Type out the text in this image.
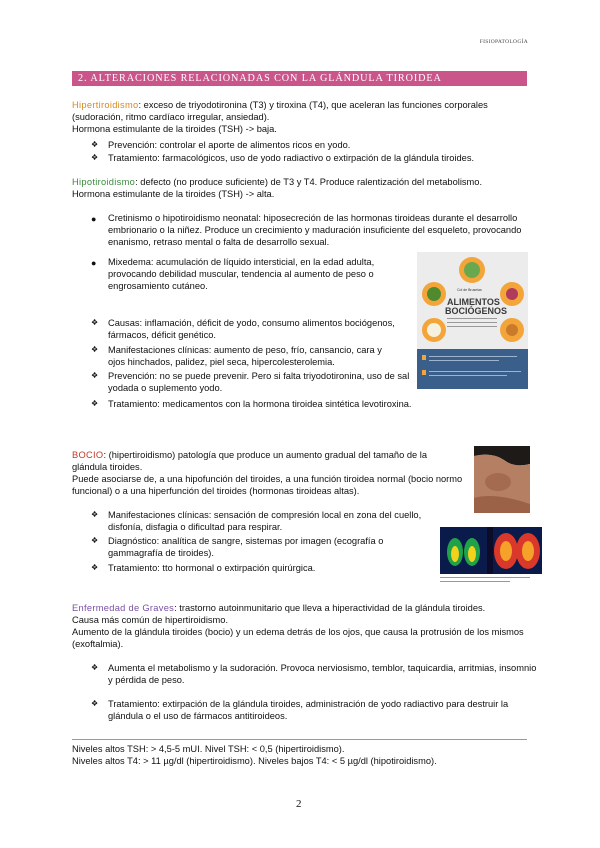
FISIOPATOLOGÍA
2. ALTERACIONES RELACIONADAS CON LA GLÁNDULA TIROIDEA
Hipertiroidismo: exceso de triyodotironina (T3) y tiroxina (T4), que aceleran las funciones corporales
(sudoración, ritmo cardíaco irregular, ansiedad).
Hormona estimulante de la tiroides (TSH) -> baja.
❖ Prevención: controlar el aporte de alimentos ricos en yodo.
❖ Tratamiento: farmacológicos, uso de yodo radiactivo o extirpación de la glándula tiroides.
Hipotiroidismo: defecto (no produce suficiente) de T3 y T4. Produce ralentización del metabolismo.
Hormona estimulante de la tiroides (TSH) -> alta.
● Cretinismo o hipotiroidismo neonatal: hiposecreción de las hormonas tiroideas durante el desarrollo
embrionario o la niñez. Produce un crecimiento y maduración insuficiente del esqueleto, provocando
enanismo, retraso mental o falta de desarrollo sexual.
● Mixedema: acumulación de líquido intersticial, en la edad adulta,
provocando debilidad muscular, tendencia al aumento de peso o
engrosamiento cutáneo.
❖ Causas: inflamación, déficit de yodo, consumo alimentos bociógenos,
fármacos, déficit genético.
❖ Manifestaciones clínicas: aumento de peso, frío, cansancio, cara y
ojos hinchados, palidez, piel seca, hipercolesterolemia.
❖ Prevención: no se puede prevenir. Pero si falta triyodotironina, uso de sal
yodada o suplemento yodo.
❖ Tratamiento: medicamentos con la hormona tiroidea sintética levotiroxina.
Col de Bruselas
ALIMENTOS
BOCIÓGENOS
BOCIO: (hipertiroidismo) patología que produce un aumento gradual del tamaño de la
glándula tiroides.
Puede asociarse de, a una hipofunción del tiroides, a una función tiroidea normal (bocio normo
funcional) o a una hiperfunción del tiroides (hormonas tiroideas altas).
❖ Manifestaciones clínicas: sensación de compresión local en zona del cuello,
disfonía, disfagia o dificultad para respirar.
❖ Diagnóstico: analítica de sangre, sistemas por imagen (ecografía o
gammagrafía de tiroides).
❖ Tratamiento: tto hormonal o extirpación quirúrgica.
Enfermedad de Graves: trastorno autoinmunitario que lleva a hiperactividad de la glándula tiroides.
Causa más común de hipertiroidismo.
Aumento de la glándula tiroides (bocio) y un edema detrás de los ojos, que causa la protrusión de los mismos
(exoftalmia).
❖ Aumenta el metabolismo y la sudoración. Provoca nerviosismo, temblor, taquicardia, arritmias, insomnio
y pérdida de peso.
❖ Tratamiento: extirpación de la glándula tiroides, administración de yodo radiactivo para destruir la
glándula o el uso de fármacos antitiroideos.
Niveles altos TSH: > 4,5-5 mUI. Nivel TSH: < 0,5 (hipertiroidismo).
Niveles altos T4: > 11 µg/dl (hipertiroidismo). Niveles bajos T4: < 5 µg/dl (hipotiroidismo).
2
